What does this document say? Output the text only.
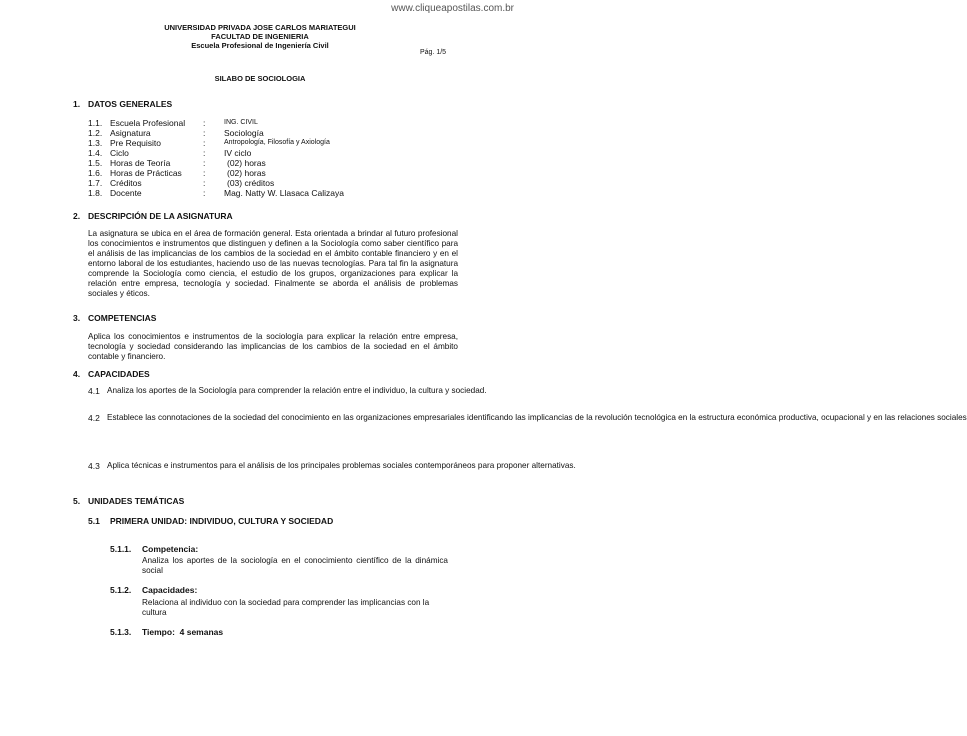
www.cliqueapostilas.com.br
UNIVERSIDAD PRIVADA JOSE CARLOS MARIATEGUI
FACULTAD DE INGENIERIA
Escuela Profesional de Ingeniería Civil
Pág. 1/5
SILABO DE SOCIOLOGIA
1. DATOS GENERALES
1.1. Escuela Profesional :	ING. CIVIL
1.2. Asignatura	: Sociología
1.3. Pre Requisito	:	Antropología, Filosofía y Axiología
1.4. Ciclo	: IV ciclo
1.5. Horas de Teoría	:	(02) horas
1.6. Horas de Prácticas :	(02) horas
1.7. Créditos	:	(03) créditos
1.8. Docente	: Mag. Natty W. Llasaca Calizaya
2. DESCRIPCIÓN DE LA ASIGNATURA
La asignatura se ubica en el área de formación general. Esta orientada a brindar al futuro profesional los conocimientos e instrumentos que distinguen y definen a la Sociología como saber científico para el análisis de las implicancias de los cambios de la sociedad en el ámbito contable financiero y en el entorno laboral de los estudiantes, haciendo uso de las nuevas tecnologías. Para tal fin la asignatura comprende la Sociología como ciencia, el estudio de los grupos, organizaciones para explicar la relación entre empresa, tecnología y sociedad. Finalmente se aborda el análisis de problemas sociales y éticos.
3. COMPETENCIAS
Aplica los conocimientos e instrumentos de la sociología para explicar la relación entre empresa, tecnología y sociedad considerando las implicancias de los cambios de la sociedad en el ámbito contable y financiero.
4. CAPACIDADES
4.1 Analiza los aportes de la Sociología para comprender la relación entre el individuo, la cultura y sociedad.
4.2 Establece las connotaciones de la sociedad del conocimiento en las organizaciones empresariales identificando las implicancias de la revolución tecnológica en la estructura económica productiva, ocupacional y en las relaciones sociales
4.3 Aplica técnicas e instrumentos para el análisis de los principales problemas sociales contemporáneos para proponer alternativas.
5. UNIDADES TEMÁTICAS
5.1 PRIMERA UNIDAD: INDIVIDUO, CULTURA Y SOCIEDAD
5.1.1. Competencia:
Analiza los aportes de la sociología en el conocimiento científico de la dinámica social
5.1.2. Capacidades:
Relaciona al individuo con la sociedad para comprender las implicancias con la cultura
5.1.3. Tiempo:  4 semanas
